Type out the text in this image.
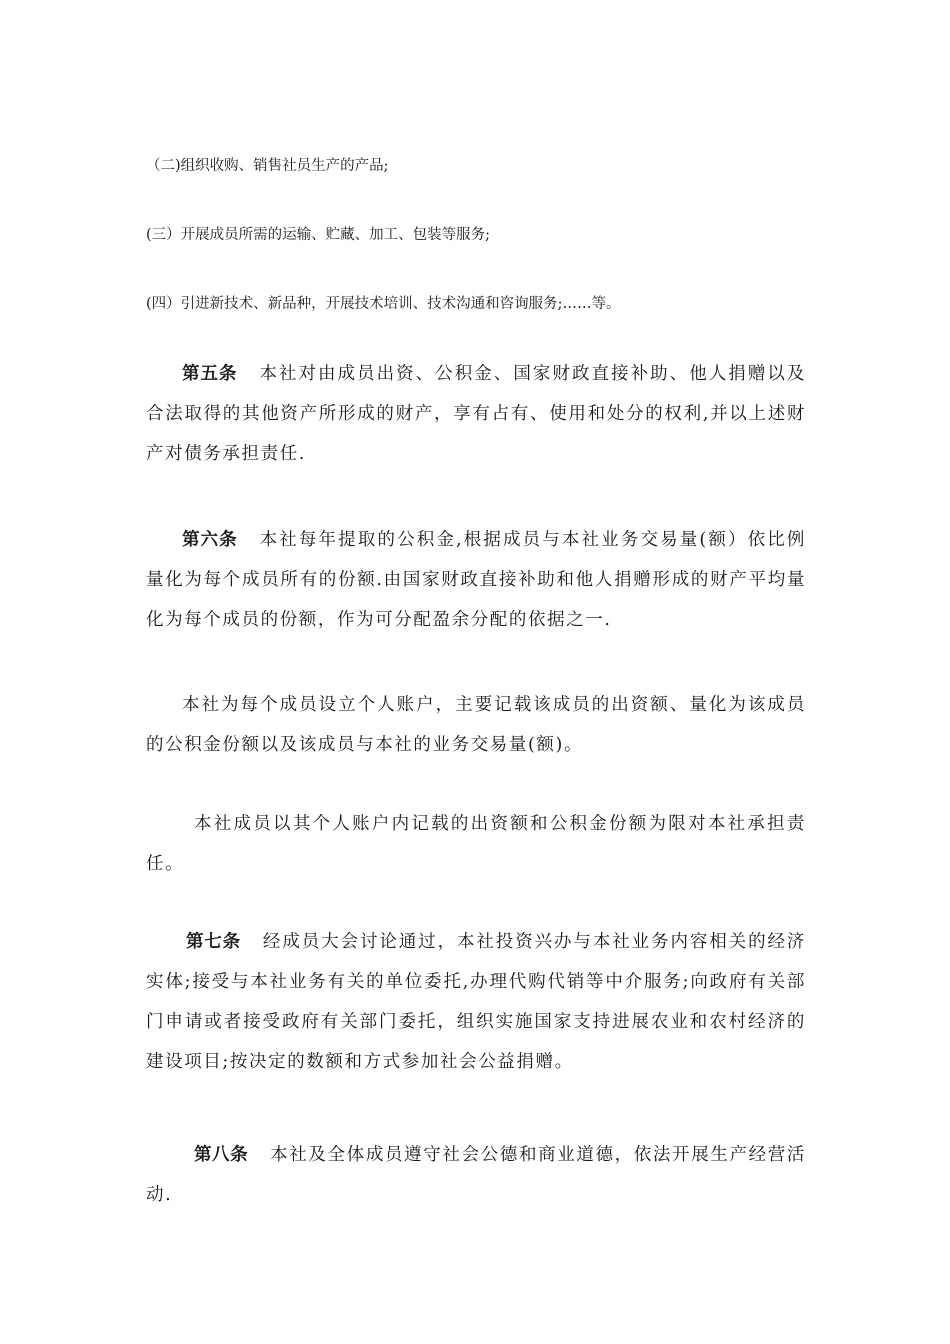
（二)组织收购、销售社员生产的产品;
(三）开展成员所需的运输、贮藏、加工、包装等服务;
(四）引进新技术、新品种，开展技术培训、技术沟通和咨询服务;……等。
第五条 本社对由成员出资、公积金、国家财政直接补助、他人捐赠以及合法取得的其他资产所形成的财产，享有占有、使用和处分的权利,并以上述财产对债务承担责任.
第六条 本社每年提取的公积金,根据成员与本社业务交易量(额）依比例量化为每个成员所有的份额.由国家财政直接补助和他人捐赠形成的财产平均量化为每个成员的份额，作为可分配盈余分配的依据之一.
本社为每个成员设立个人账户，主要记载该成员的出资额、量化为该成员的公积金份额以及该成员与本社的业务交易量(额)。
本社成员以其个人账户内记载的出资额和公积金份额为限对本社承担责任。
第七条 经成员大会讨论通过，本社投资兴办与本社业务内容相关的经济实体;接受与本社业务有关的单位委托,办理代购代销等中介服务;向政府有关部门申请或者接受政府有关部门委托，组织实施国家支持进展农业和农村经济的建设项目;按决定的数额和方式参加社会公益捐赠。
第八条 本社及全体成员遵守社会公德和商业道德，依法开展生产经营活动.
